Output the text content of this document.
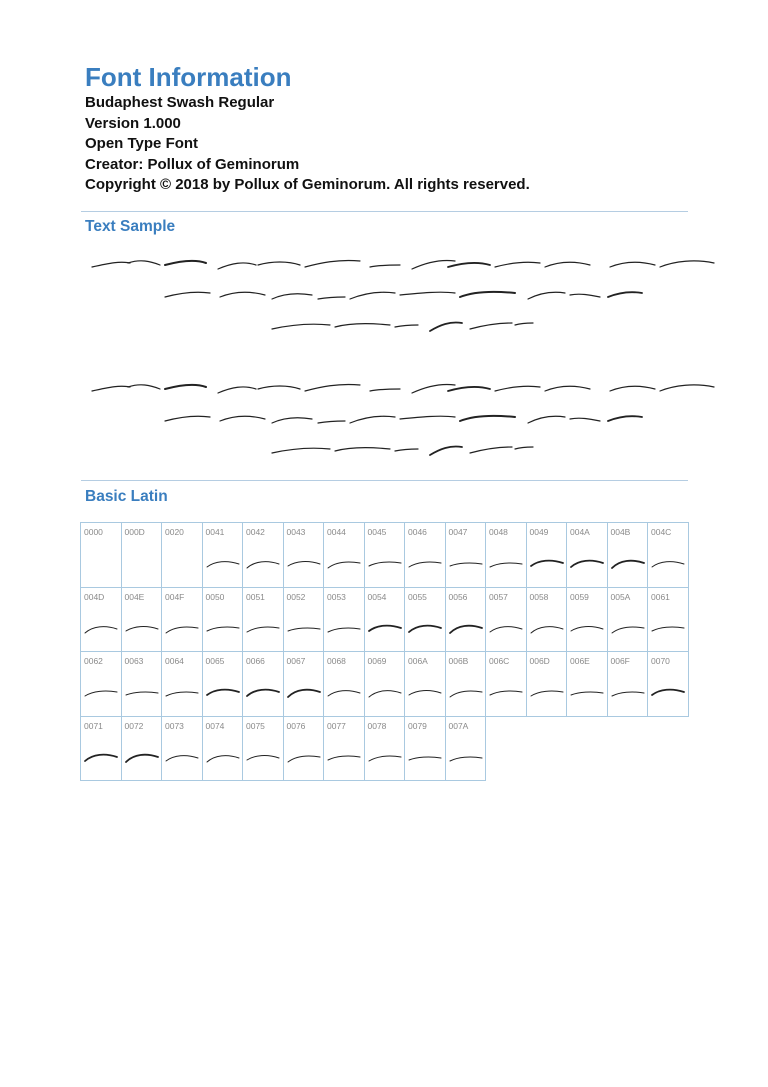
Font Information
Budaphest Swash Regular
Version 1.000
Open Type Font
Creator: Pollux of Geminorum
Copyright © 2018 by Pollux of Geminorum. All rights reserved.
Text Sample
Basic Latin
0000	000D	0020	0041	0042	0043	0044	0045	0046	0047	0048	0049	004A	004B	004C

004D	004E	004F	0050	0051	0052	0053	0054	0055	0056	0057	0058	0059	005A	0061

0062	0063	0064	0065	0066	0067	0068	0069	006A	006B	006C	006D	006E	006F	0070

0071	0072	0073	0074	0075	0076	0077	0078	0079	007A					
